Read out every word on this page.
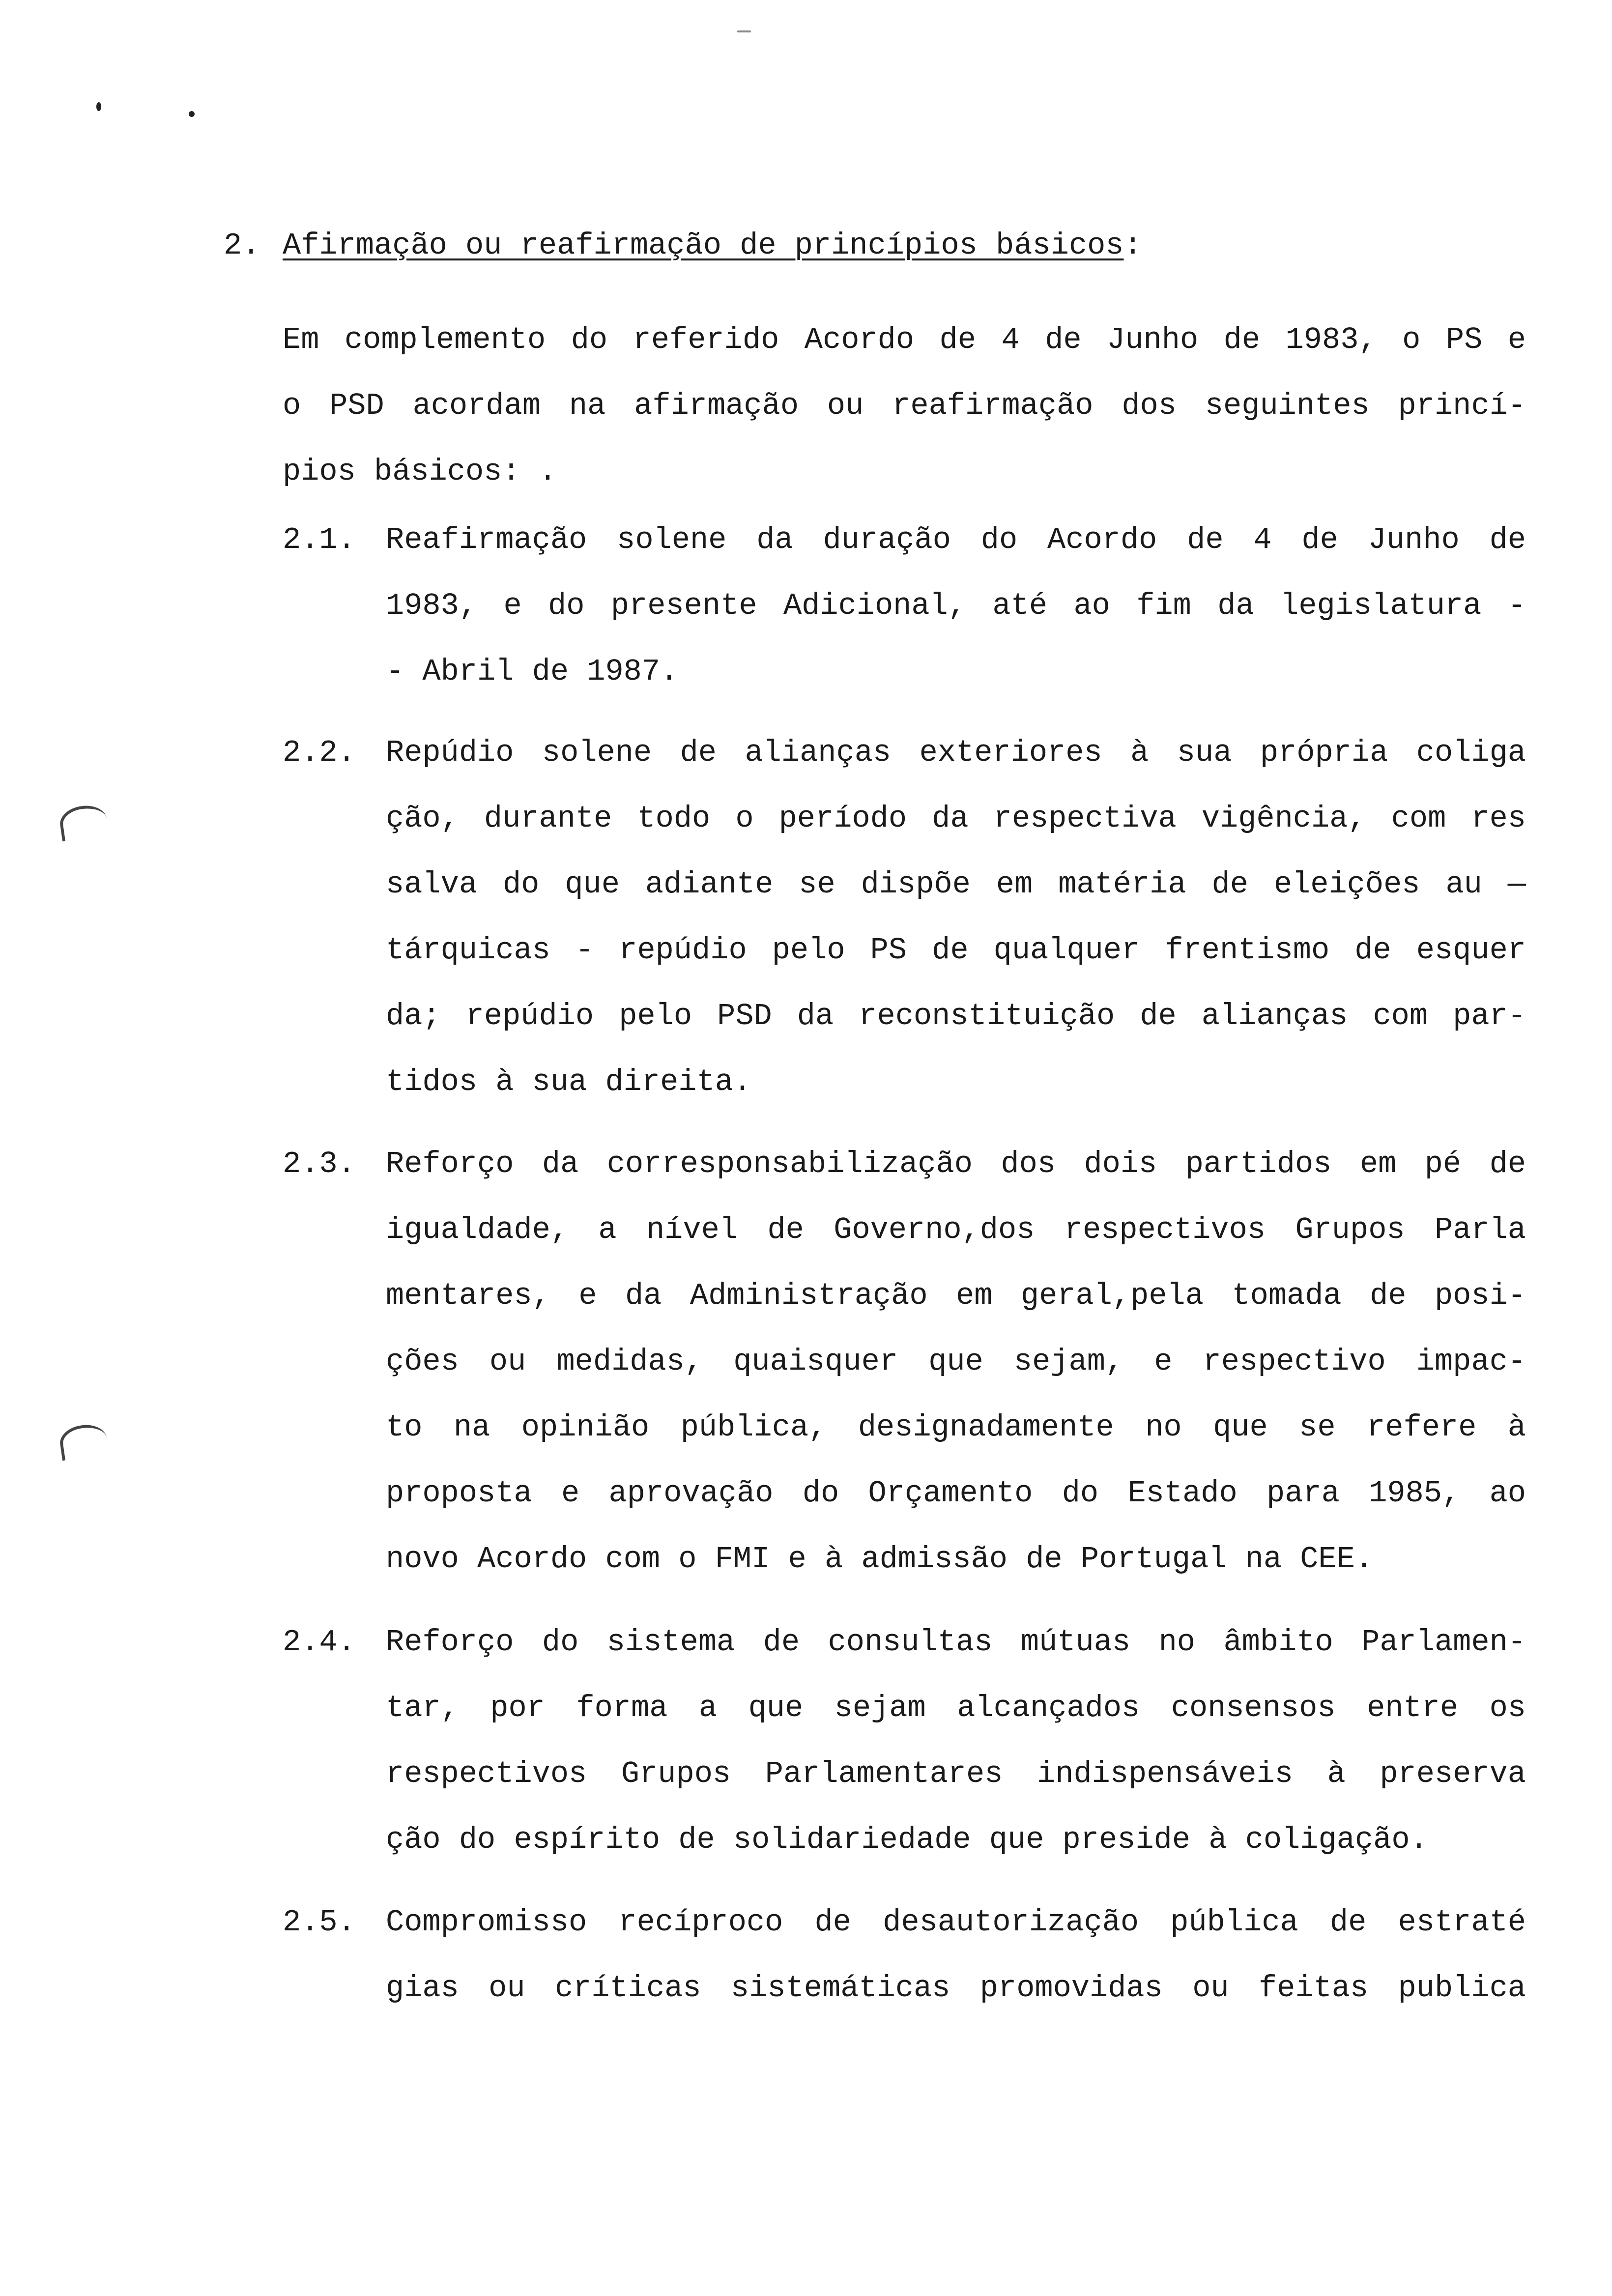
2. Afirmação ou reafirmação de princípios básicos:
Em complemento do referido Acordo de 4 de Junho de 1983, o PS e
o PSD acordam na afirmação ou reafirmação dos seguintes princí-
pios básicos: .
2.1. Reafirmação solene da duração do Acordo de 4 de Junho de
1983, e do presente Adicional, até ao fim da legislatura -
- Abril de 1987.
2.2. Repúdio solene de alianças exteriores à sua própria coliga
ção, durante todo o período da respectiva vigência, com res
salva do que adiante se dispõe em matéria de eleições au —
tárquicas - repúdio pelo PS de qualquer frentismo de esquer
da; repúdio pelo PSD da reconstituição de alianças com par-
tidos à sua direita.
2.3. Reforço da corresponsabilização dos dois partidos em pé de
igualdade, a nível de Governo,dos respectivos Grupos Parla
mentares, e da Administração em geral,pela tomada de posi-
ções ou medidas, quaisquer que sejam, e respectivo impac-
to na opinião pública, designadamente no que se refere à
proposta e aprovação do Orçamento do Estado para 1985, ao
novo Acordo com o FMI e à admissão de Portugal na CEE.
2.4. Reforço do sistema de consultas mútuas no âmbito Parlamen-
tar, por forma a que sejam alcançados consensos entre os
respectivos Grupos Parlamentares indispensáveis à preserva
ção do espírito de solidariedade que preside à coligação.
2.5. Compromisso recíproco de desautorização pública de estraté
gias ou críticas sistemáticas promovidas ou feitas publica
